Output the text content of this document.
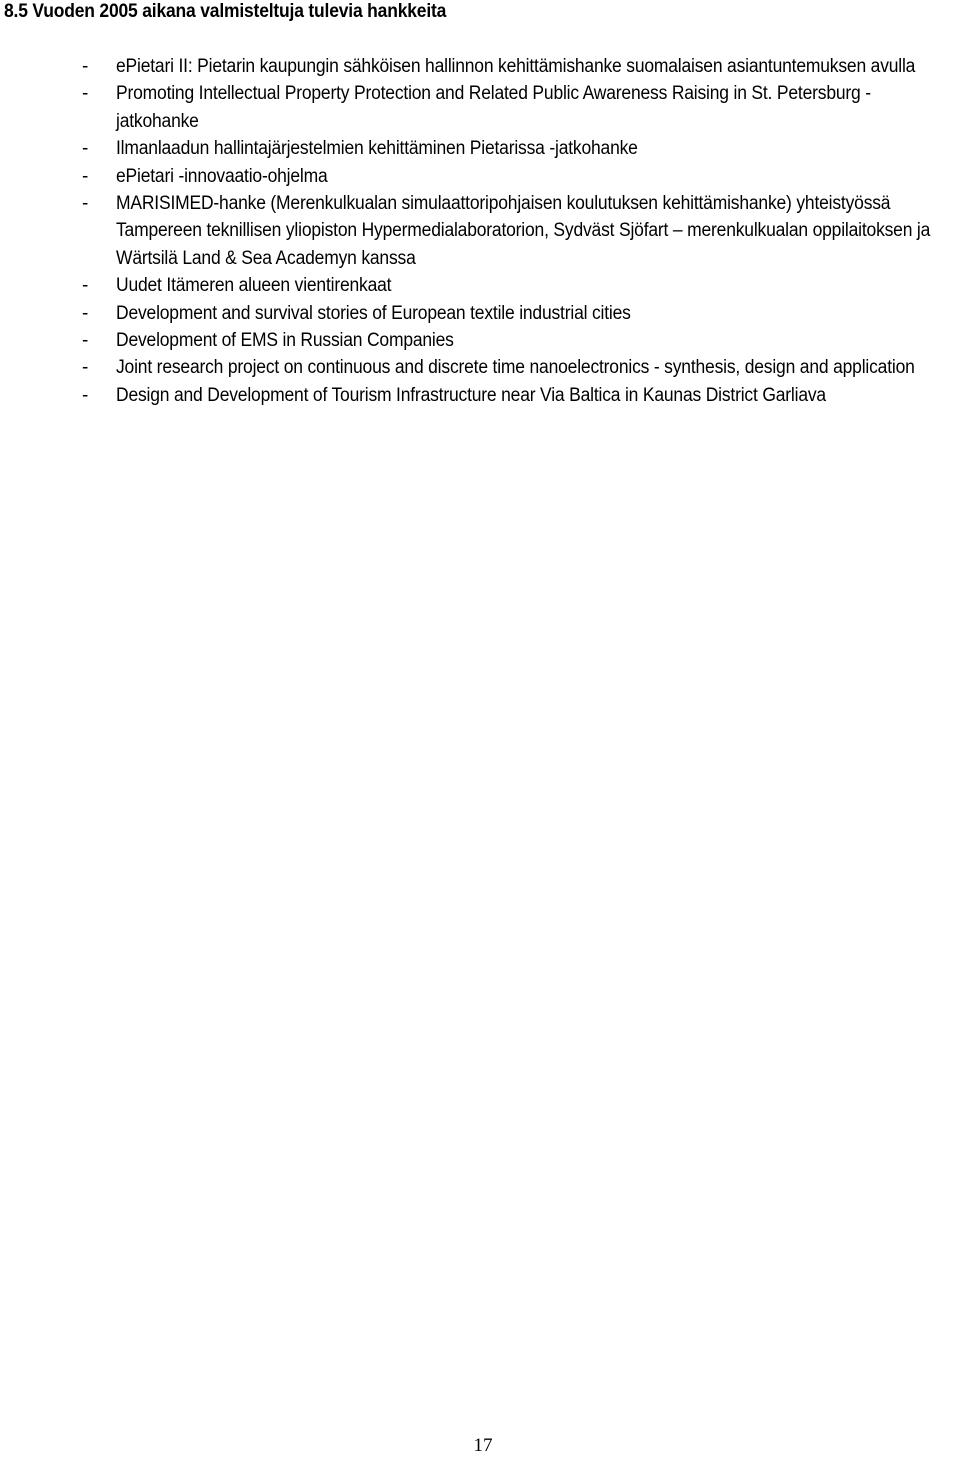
8.5 Vuoden 2005 aikana valmisteltuja tulevia hankkeita
- ePietari II: Pietarin kaupungin sähköisen hallinnon kehittämishanke suomalaisen asiantuntemuksen avulla
- Promoting Intellectual Property Protection and Related Public Awareness Raising in St. Petersburg -jatkohanke
- Ilmanlaadun hallintajärjestelmien kehittäminen Pietarissa -jatkohanke
- ePietari -innovaatio-ohjelma
- MARISIMED-hanke (Merenkulkualan simulaattoripohjaisen koulutuksen kehittämishanke) yhteistyössä Tampereen teknillisen yliopiston Hypermedialaboratorion, Sydväst Sjöfart – merenkulkualan oppilaitoksen ja Wärtsilä Land & Sea Academyn kanssa
- Uudet Itämeren alueen vientirenkaat
- Development and survival stories of European textile industrial cities
- Development of EMS in Russian Companies
- Joint research project on continuous and discrete time nanoelectronics - synthesis, design and application
- Design and Development of Tourism Infrastructure near Via Baltica in Kaunas District Garliava
17
